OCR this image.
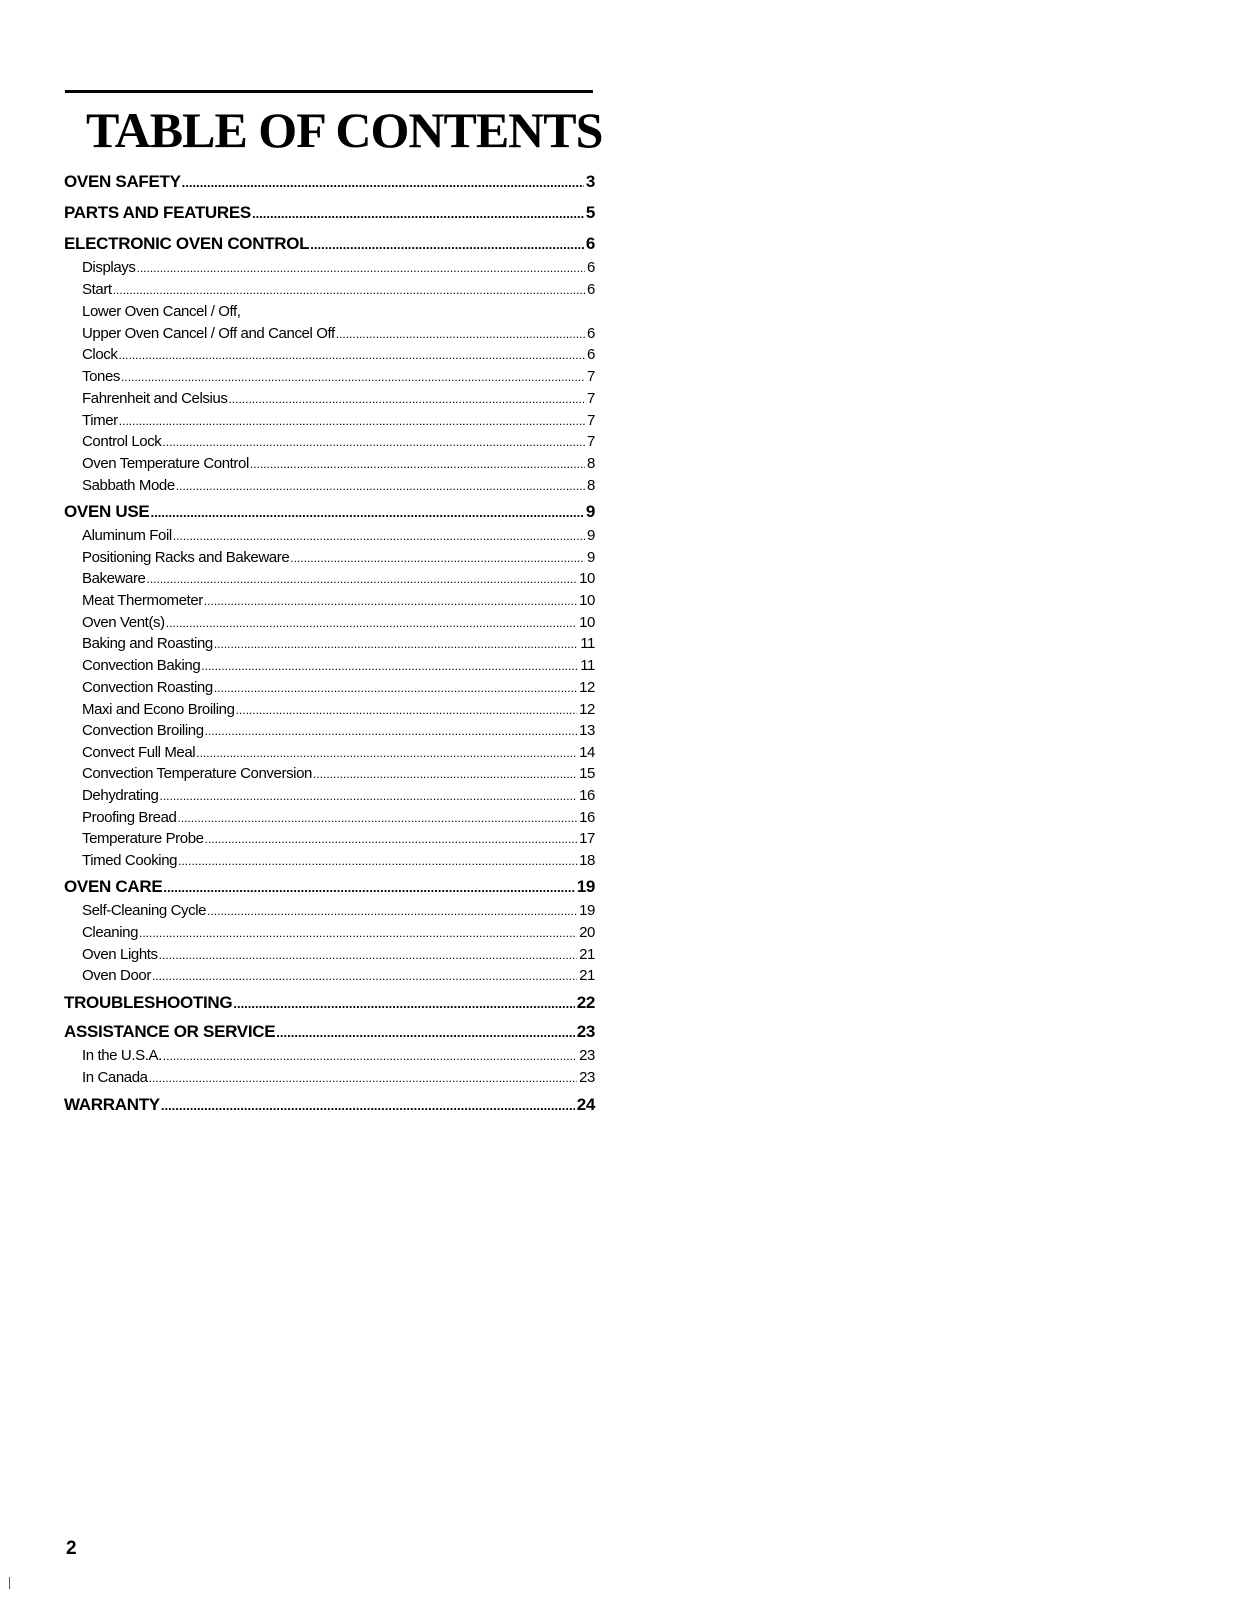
TABLE OF CONTENTS
OVEN SAFETY .....	3
PARTS AND FEATURES .....	5
ELECTRONIC OVEN CONTROL .....	6
Displays .....	6
Start .....	6
Lower Oven Cancel / Off,
Upper Oven Cancel / Off and Cancel Off .....	6
Clock .....	6
Tones .....	7
Fahrenheit and Celsius .....	7
Timer .....	7
Control Lock .....	7
Oven Temperature Control .....	8
Sabbath Mode .....	8
OVEN USE .....	9
Aluminum Foil .....	9
Positioning Racks and Bakeware .....	9
Bakeware .....	10
Meat Thermometer .....	10
Oven Vent(s) .....	10
Baking and Roasting .....	11
Convection Baking .....	11
Convection Roasting .....	12
Maxi and Econo Broiling .....	12
Convection Broiling .....	13
Convect Full Meal .....	14
Convection Temperature Conversion .....	15
Dehydrating .....	16
Proofing Bread .....	16
Temperature Probe .....	17
Timed Cooking .....	18
OVEN CARE .....	19
Self-Cleaning Cycle .....	19
Cleaning .....	20
Oven Lights .....	21
Oven Door .....	21
TROUBLESHOOTING .....	22
ASSISTANCE OR SERVICE .....	23
In the U.S.A. .....	23
In Canada .....	23
WARRANTY .....	24
2
